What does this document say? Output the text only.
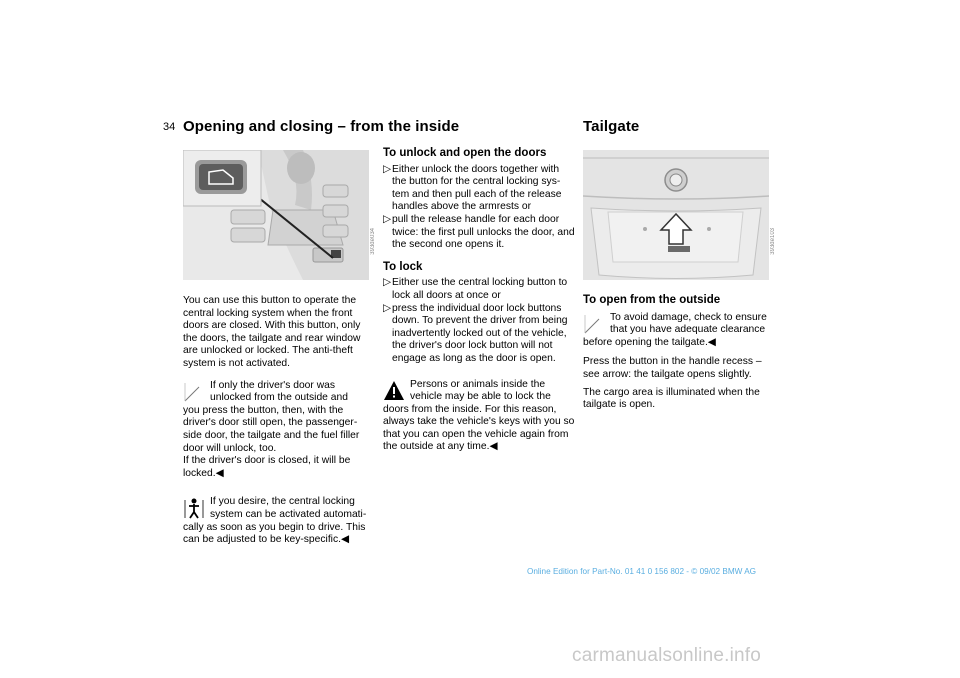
34 Opening and closing – from the inside
393de034

You can use this button to operate the central locking system when the front doors are closed. With this button, only the doors, the tailgate and rear window are unlocked or locked. The anti-theft system is not activated.

If only the driver's door was unlocked from the outside and
you press the button, then, with the driver's door still open, the passenger-side door, the tailgate and the fuel filler door will unlock, too.
If the driver's door is closed, it will be locked.◀
If you desire, the central locking system can be activated automati-
cally as soon as you begin to drive. This can be adjusted to be key-specific.◀
To unlock and open the doors
▷ Either unlock the doors together with the button for the central locking sys-tem and then pull each of the release handles above the armrests or
▷ pull the release handle for each door twice: the first pull unlocks the door, and the second one opens it.
To lock
▷ Either use the central locking button to lock all doors at once or
▷ press the individual door lock buttons down. To prevent the driver from being inadvertently locked out of the vehicle, the driver's door lock button will not engage as long as the door is open.
Persons or animals inside the vehicle may be able to lock the
doors from the inside. For this reason, always take the vehicle's keys with you so that you can open the vehicle again from the outside at any time.◀
Tailgate
393de103
To open from the outside
To avoid damage, check to ensure that you have adequate clearance
before opening the tailgate.◀

Press the button in the handle recess – see arrow: the tailgate opens slightly.

The cargo area is illuminated when the tailgate is open.

Online Edition for Part-No. 01 41 0 156 802 - © 09/02 BMW AG
carmanualsonline.info
